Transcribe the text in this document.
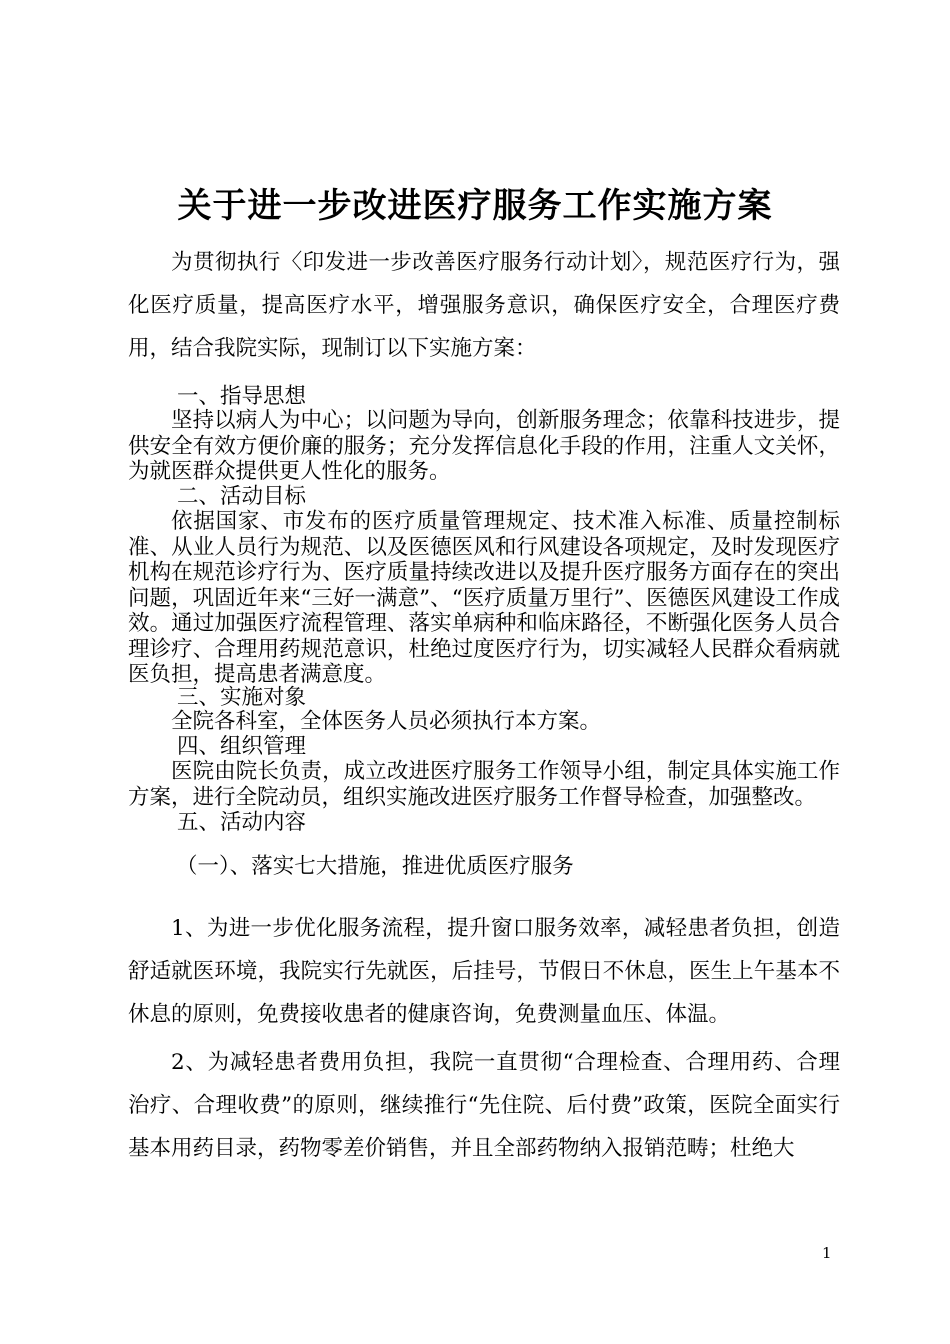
关于进一步改进医疗服务工作实施方案
为贯彻执行〈印发进一步改善医疗服务行动计划〉，规范医疗行为，强化医疗质量，提高医疗水平，增强服务意识，确保医疗安全，合理医疗费用，结合我院实际，现制订以下实施方案：
一、指导思想
坚持以病人为中心；以问题为导向，创新服务理念；依靠科技进步，提供安全有效方便价廉的服务；充分发挥信息化手段的作用，注重人文关怀，为就医群众提供更人性化的服务。
二、活动目标
依据国家、市发布的医疗质量管理规定、技术准入标准、质量控制标准、从业人员行为规范、以及医德医风和行风建设各项规定，及时发现医疗机构在规范诊疗行为、医疗质量持续改进以及提升医疗服务方面存在的突出问题，巩固近年来“三好一满意”、“医疗质量万里行”、医德医风建设工作成效。通过加强医疗流程管理、落实单病种和临床路径，不断强化医务人员合理诊疗、合理用药规范意识，杜绝过度医疗行为，切实减轻人民群众看病就医负担，提高患者满意度。
三、实施对象
全院各科室，全体医务人员必须执行本方案。
四、组织管理
医院由院长负责，成立改进医疗服务工作领导小组，制定具体实施工作方案，进行全院动员，组织实施改进医疗服务工作督导检查，加强整改。
五、活动内容
（一）、落实七大措施，推进优质医疗服务
1、为进一步优化服务流程，提升窗口服务效率，减轻患者负担，创造舒适就医环境，我院实行先就医，后挂号，节假日不休息，医生上午基本不休息的原则，免费接收患者的健康咨询，免费测量血压、体温。
2、为减轻患者费用负担，我院一直贯彻“合理检查、合理用药、合理治疗、合理收费”的原则，继续推行“先住院、后付费”政策，医院全面实行基本用药目录，药物零差价销售，并且全部药物纳入报销范畴；杜绝大
1
